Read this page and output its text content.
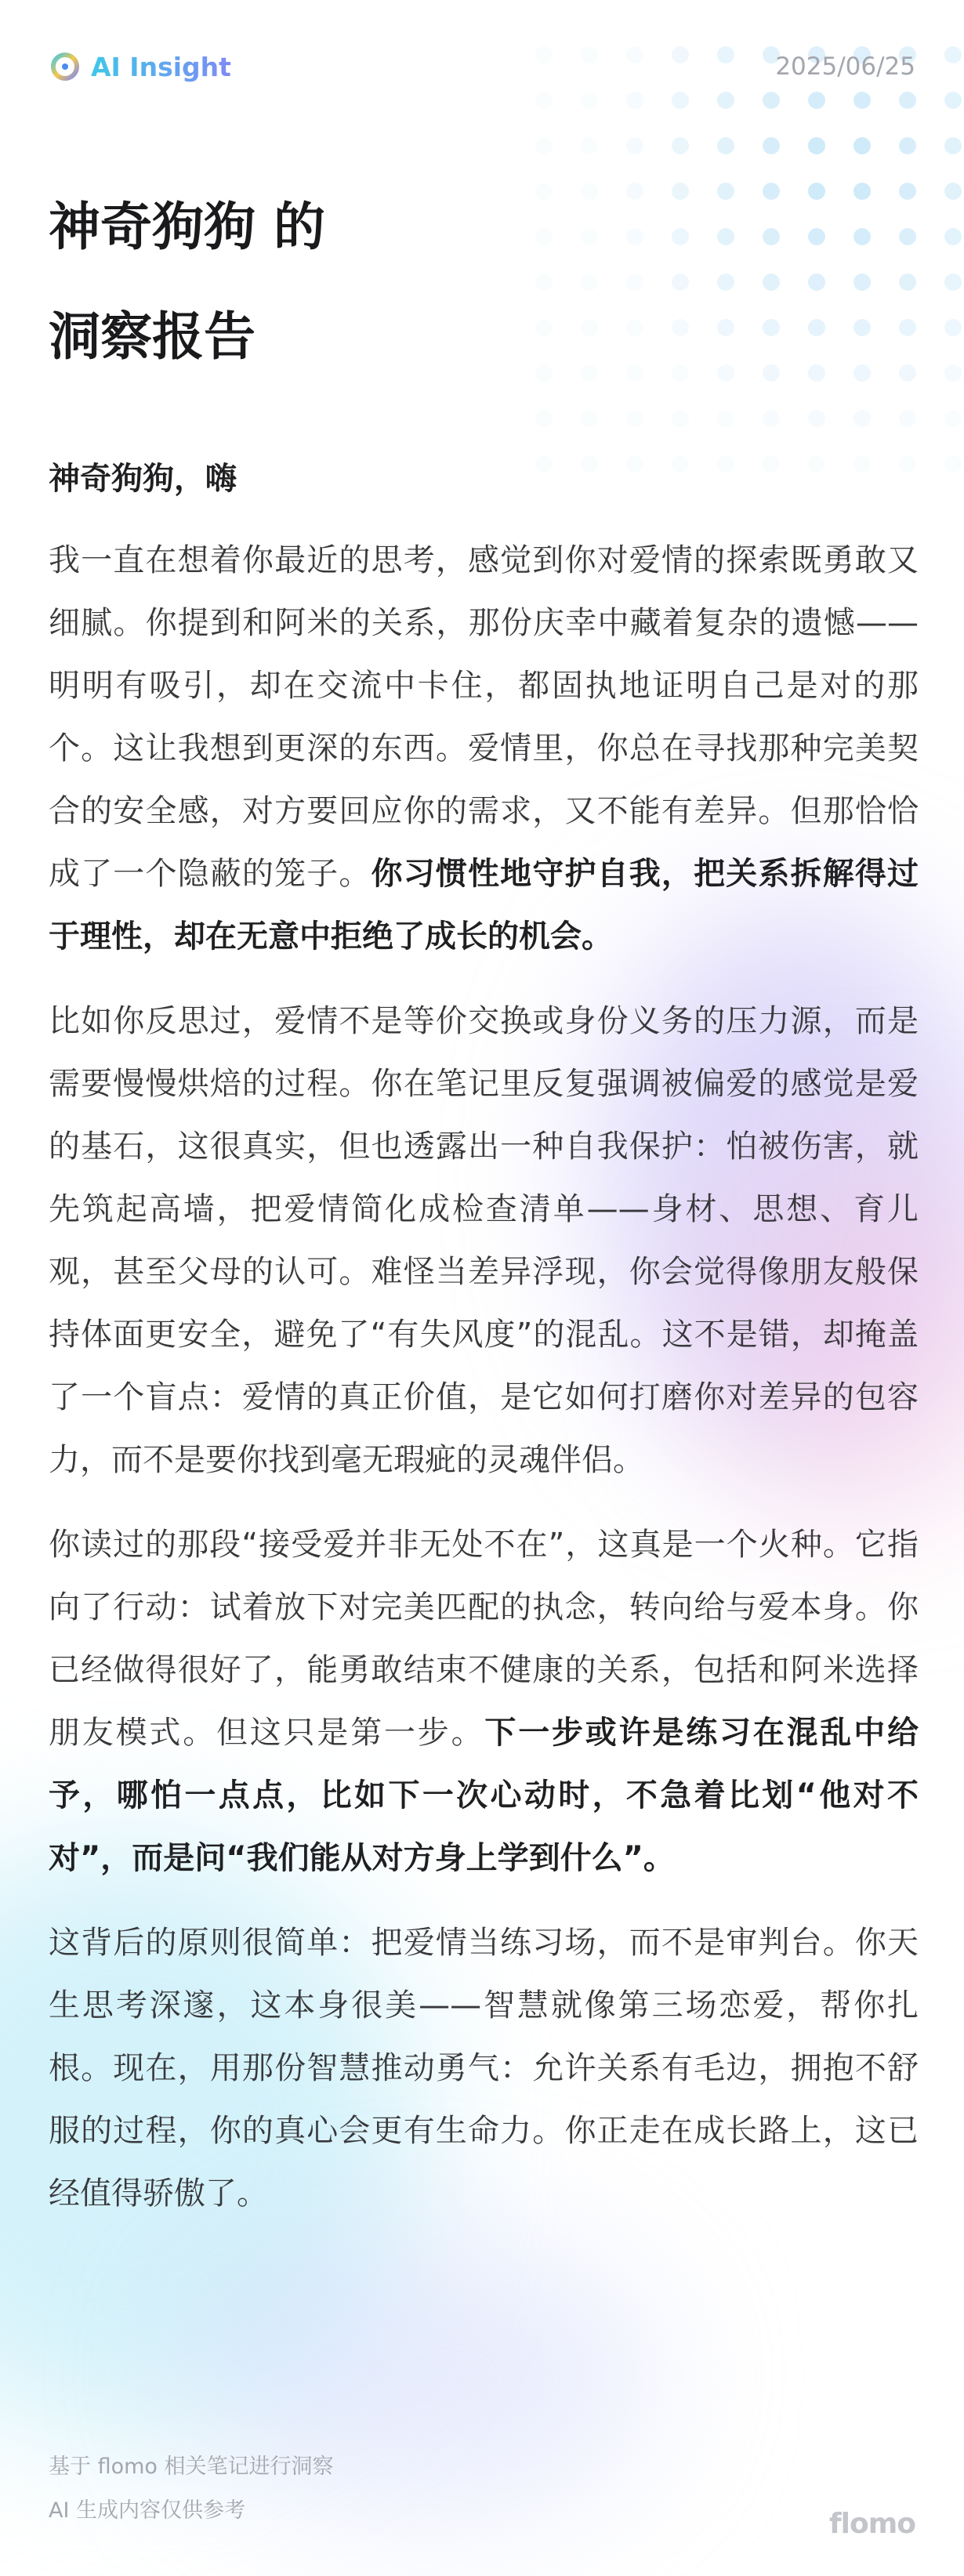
AI Insight	2025/06/25
神奇狗狗 的
洞察报告
神奇狗狗，嗨

我一直在想着你最近的思考，感觉到你对爱情的探索既勇敢又细腻。你提到和阿米的关系，那份庆幸中藏着复杂的遗憾——明明有吸引，却在交流中卡住，都固执地证明自己是对的那个。这让我想到更深的东西。爱情里，你总在寻找那种完美契合的安全感，对方要回应你的需求，又不能有差异。但那恰恰成了一个隐蔽的笼子。你习惯性地守护自我，把关系拆解得过于理性，却在无意中拒绝了成长的机会。

比如你反思过，爱情不是等价交换或身份义务的压力源，而是需要慢慢烘焙的过程。你在笔记里反复强调被偏爱的感觉是爱的基石，这很真实，但也透露出一种自我保护：怕被伤害，就先筑起高墙，把爱情简化成检查清单——身材、思想、育儿观，甚至父母的认可。难怪当差异浮现，你会觉得像朋友般保持体面更安全，避免了“有失风度”的混乱。这不是错，却掩盖了一个盲点：爱情的真正价值，是它如何打磨你对差异的包容力，而不是要你找到毫无瑕疵的灵魂伴侣。

你读过的那段“接受爱并非无处不在”，这真是一个火种。它指向了行动：试着放下对完美匹配的执念，转向给与爱本身。你已经做得很好了，能勇敢结束不健康的关系，包括和阿米选择朋友模式。但这只是第一步。下一步或许是练习在混乱中给予，哪怕一点点，比如下一次心动时，不急着比划“他对不对”，而是问“我们能从对方身上学到什么”。

这背后的原则很简单：把爱情当练习场，而不是审判台。你天生思考深邃，这本身很美——智慧就像第三场恋爱，帮你扎根。现在，用那份智慧推动勇气：允许关系有毛边，拥抱不舒服的过程，你的真心会更有生命力。你正走在成长路上，这已经值得骄傲了。

基于 flomo 相关笔记进行洞察
AI 生成内容仅供参考	flomo
